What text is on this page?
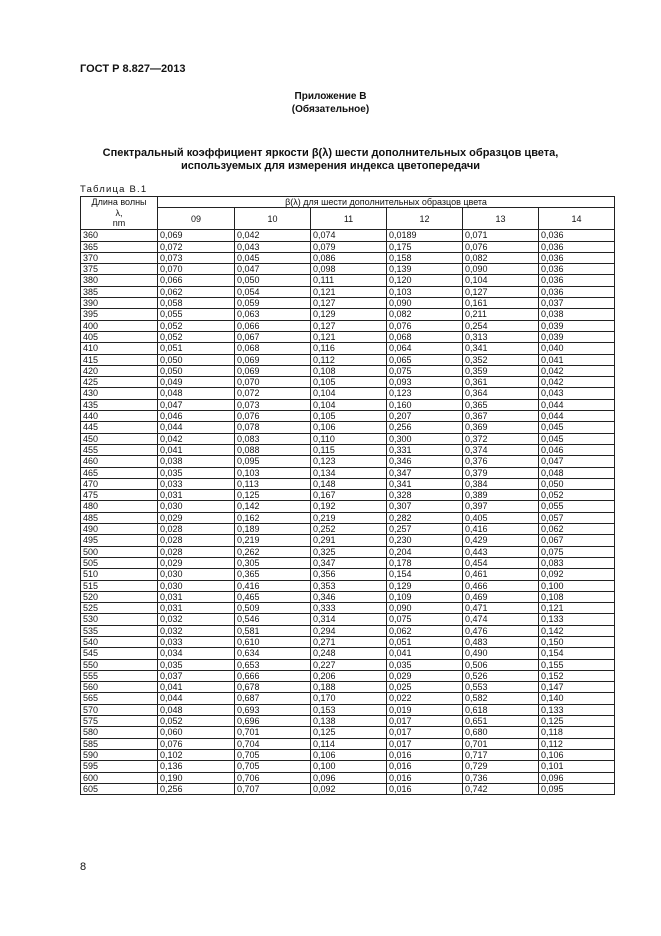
ГОСТ Р 8.827—2013
Приложение В
(Обязательное)
Спектральный коэффициент яркости β(λ) шести дополнительных образцов цвета,
используемых для измерения индекса цветопередачи
Таблица В.1
Длина волны
λ,
nm	β(λ) для шести дополнительных образцов цвета					
	09	10	11	12	13	14
360	0,069	0,042	0,074	0,0189	0,071	0,036
365	0,072	0,043	0,079	0,175	0,076	0,036
370	0,073	0,045	0,086	0,158	0,082	0,036
375	0,070	0,047	0,098	0,139	0,090	0,036
380	0,066	0,050	0,111	0,120	0,104	0,036
385	0,062	0,054	0,121	0,103	0,127	0,036
390	0,058	0,059	0,127	0,090	0,161	0,037
395	0,055	0,063	0,129	0,082	0,211	0,038
400	0,052	0,066	0,127	0,076	0,254	0,039
405	0,052	0,067	0,121	0,068	0,313	0,039
410	0,051	0,068	0,116	0,064	0,341	0,040
415	0,050	0,069	0,112	0,065	0,352	0,041
420	0,050	0,069	0,108	0,075	0,359	0,042
425	0,049	0,070	0,105	0,093	0,361	0,042
430	0,048	0,072	0,104	0,123	0,364	0,043
435	0,047	0,073	0,104	0,160	0,365	0,044
440	0,046	0,076	0,105	0,207	0,367	0,044
445	0,044	0,078	0,106	0,256	0,369	0,045
450	0,042	0,083	0,110	0,300	0,372	0,045
455	0,041	0,088	0,115	0,331	0,374	0,046
460	0,038	0,095	0,123	0,346	0,376	0,047
465	0,035	0,103	0,134	0,347	0,379	0,048
470	0,033	0,113	0,148	0,341	0,384	0,050
475	0,031	0,125	0,167	0,328	0,389	0,052
480	0,030	0,142	0,192	0,307	0,397	0,055
485	0,029	0,162	0,219	0,282	0,405	0,057
490	0,028	0,189	0,252	0,257	0,416	0,062
495	0,028	0,219	0,291	0,230	0,429	0,067
500	0,028	0,262	0,325	0,204	0,443	0,075
505	0,029	0,305	0,347	0,178	0,454	0,083
510	0,030	0,365	0,356	0,154	0,461	0,092
515	0,030	0,416	0,353	0,129	0,466	0,100
520	0,031	0,465	0,346	0,109	0,469	0,108
525	0,031	0,509	0,333	0,090	0,471	0,121
530	0,032	0,546	0,314	0,075	0,474	0,133
535	0,032	0,581	0,294	0,062	0,476	0,142
540	0,033	0,610	0,271	0,051	0,483	0,150
545	0,034	0,634	0,248	0,041	0,490	0,154
550	0,035	0,653	0,227	0,035	0,506	0,155
555	0,037	0,666	0,206	0,029	0,526	0,152
560	0,041	0,678	0,188	0,025	0,553	0,147
565	0,044	0,687	0,170	0,022	0,582	0,140
570	0,048	0,693	0,153	0,019	0,618	0,133
575	0,052	0,696	0,138	0,017	0,651	0,125
580	0,060	0,701	0,125	0,017	0,680	0,118
585	0,076	0,704	0,114	0,017	0,701	0,112
590	0,102	0,705	0,106	0,016	0,717	0,106
595	0,136	0,705	0,100	0,016	0,729	0,101
600	0,190	0,706	0,096	0,016	0,736	0,096
605	0,256	0,707	0,092	0,016	0,742	0,095
8
